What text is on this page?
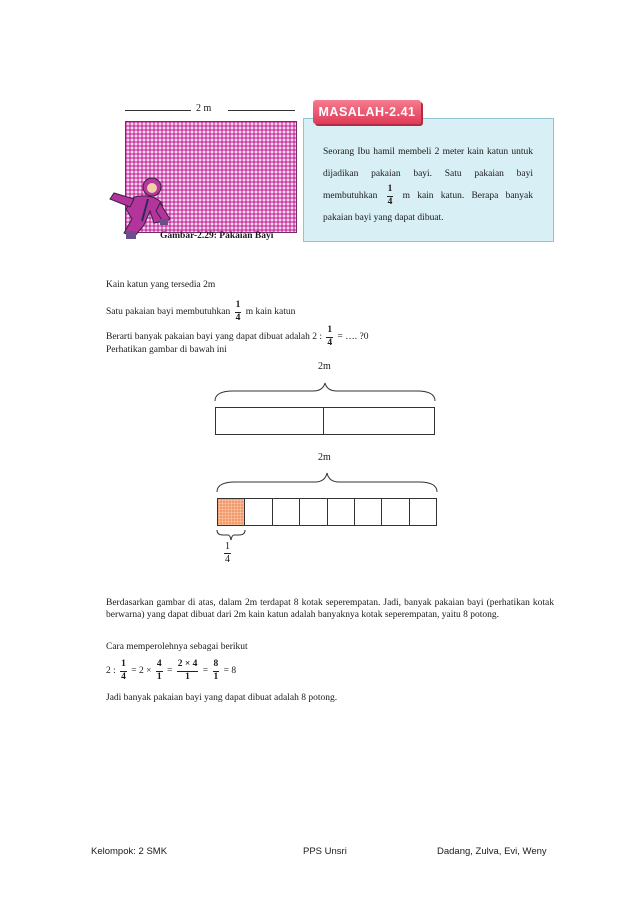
2 m
Gambar-2.29: Pakaian Bayi
MASALAH-2.41
Seorang Ibu hamil membeli 2 meter kain katun untuk dijadikan pakaian bayi. Satu pakaian bayi membutuhkan $\frac{1}{4}$ m kain katun. Berapa banyak pakaian bayi yang dapat dibuat.
Kain katun yang tersedia 2m
Satu pakaian bayi membutuhkan $\frac{1}{4}$ m kain katun
Berarti banyak pakaian bayi yang dapat dibuat adalah 2 : $\frac{1}{4}$ = …. ?0
Perhatikan gambar di bawah ini
2m
2m
$\frac{1}{4}$
Berdasarkan gambar di atas, dalam 2m terdapat 8 kotak seperempatan. Jadi, banyak pakaian bayi (perhatikan kotak berwarna) yang dapat dibuat dari 2m kain katun adalah banyaknya kotak seperempatan, yaitu 8 potong.
Cara memperolehnya sebagai berikut
2 : $\frac{1}{4} = 2 \times \frac{4}{1} = \frac{2 \times 4}{1} = \frac{8}{1} = 8$
Jadi banyak pakaian bayi yang dapat dibuat adalah 8 potong.
Kelompok: 2 SMK	PPS Unsri	Dadang, Zulva, Evi, Weny
